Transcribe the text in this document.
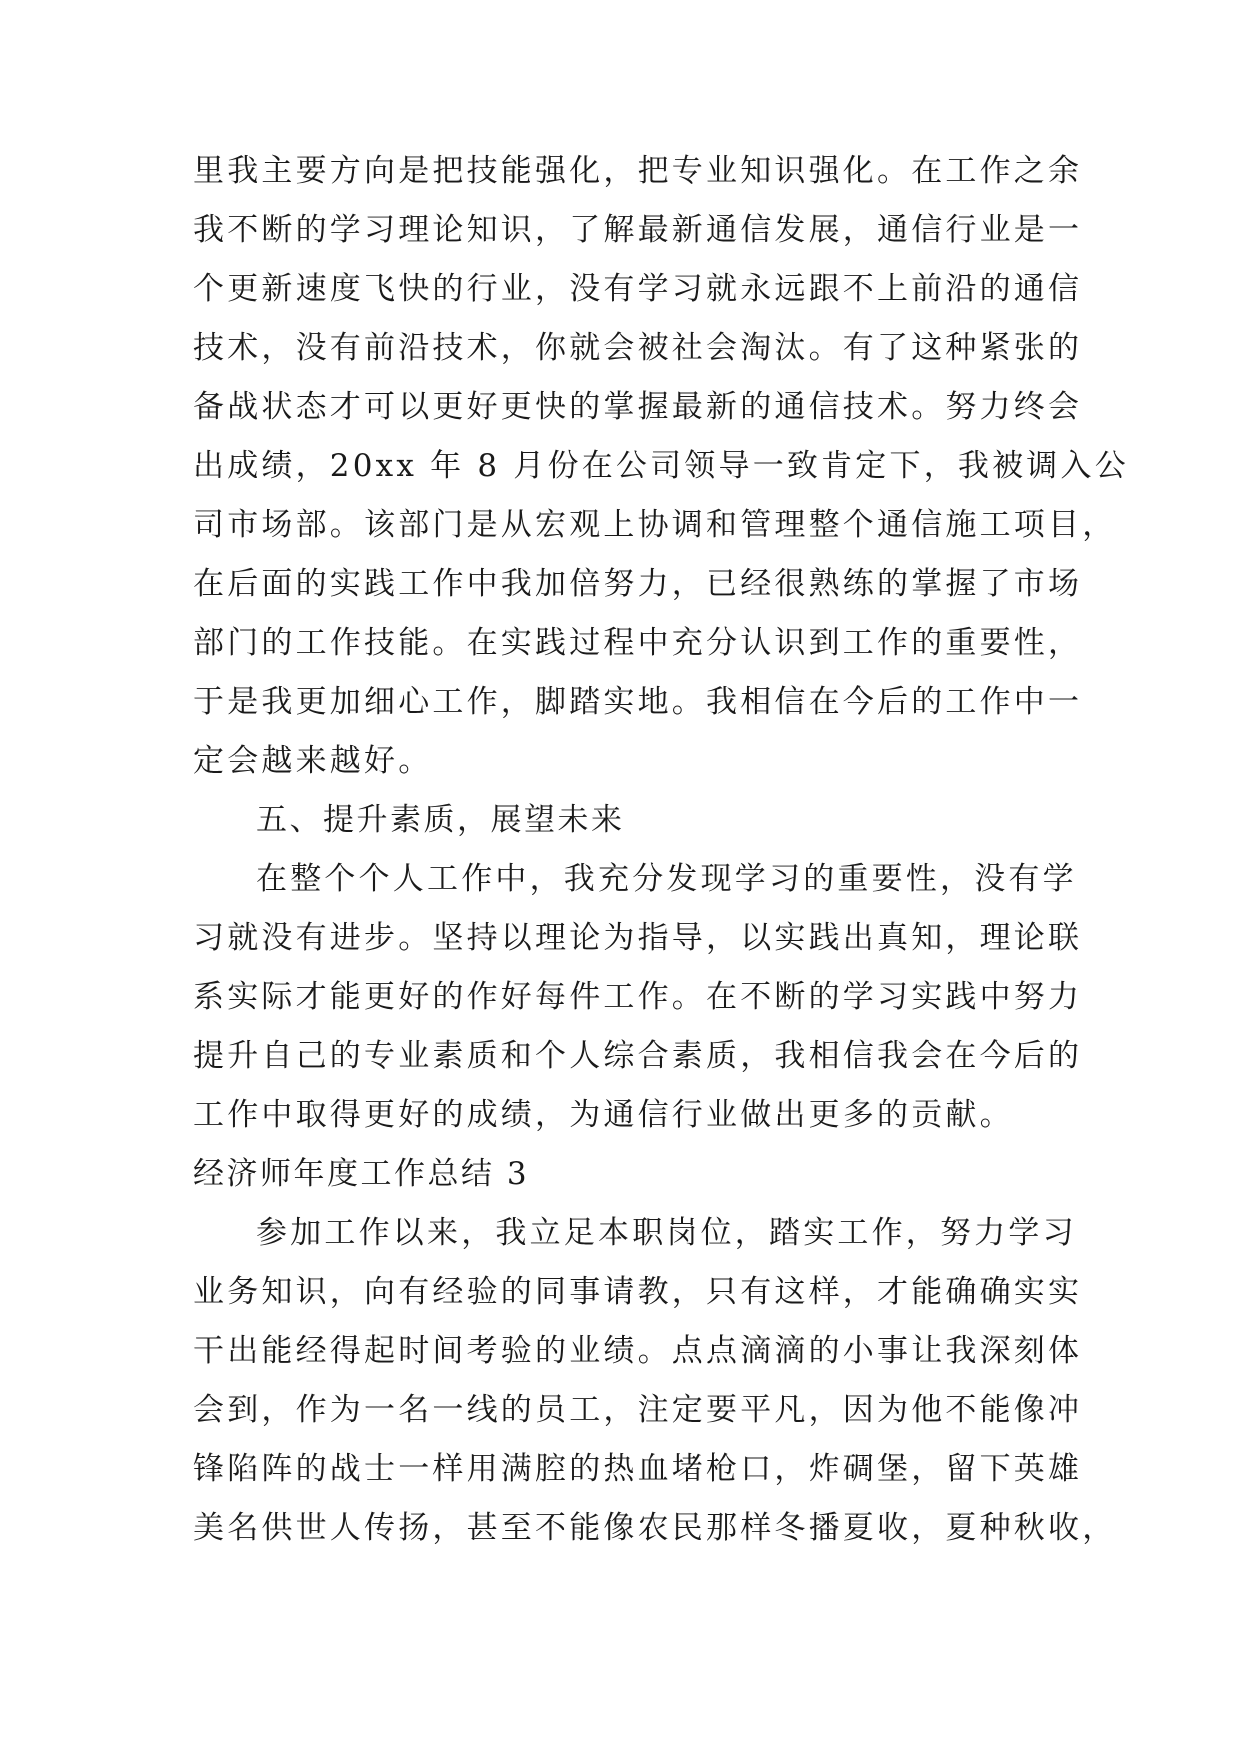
里我主要方向是把技能强化，把专业知识强化。在工作之余
我不断的学习理论知识，了解最新通信发展，通信行业是一
个更新速度飞快的行业，没有学习就永远跟不上前沿的通信
技术，没有前沿技术，你就会被社会淘汰。有了这种紧张的
备战状态才可以更好更快的掌握最新的通信技术。努力终会
出成绩，20xx 年 8 月份在公司领导一致肯定下，我被调入公
司市场部。该部门是从宏观上协调和管理整个通信施工项目，
在后面的实践工作中我加倍努力，已经很熟练的掌握了市场
部门的工作技能。在实践过程中充分认识到工作的重要性，
于是我更加细心工作，脚踏实地。我相信在今后的工作中一
定会越来越好。
五、提升素质，展望未来
在整个个人工作中，我充分发现学习的重要性，没有学
习就没有进步。坚持以理论为指导，以实践出真知，理论联
系实际才能更好的作好每件工作。在不断的学习实践中努力
提升自己的专业素质和个人综合素质，我相信我会在今后的
工作中取得更好的成绩，为通信行业做出更多的贡献。
经济师年度工作总结 3
参加工作以来，我立足本职岗位，踏实工作，努力学习
业务知识，向有经验的同事请教，只有这样，才能确确实实
干出能经得起时间考验的业绩。点点滴滴的小事让我深刻体
会到，作为一名一线的员工，注定要平凡，因为他不能像冲
锋陷阵的战士一样用满腔的热血堵枪口，炸碉堡，留下英雄
美名供世人传扬，甚至不能像农民那样冬播夏收，夏种秋收，
